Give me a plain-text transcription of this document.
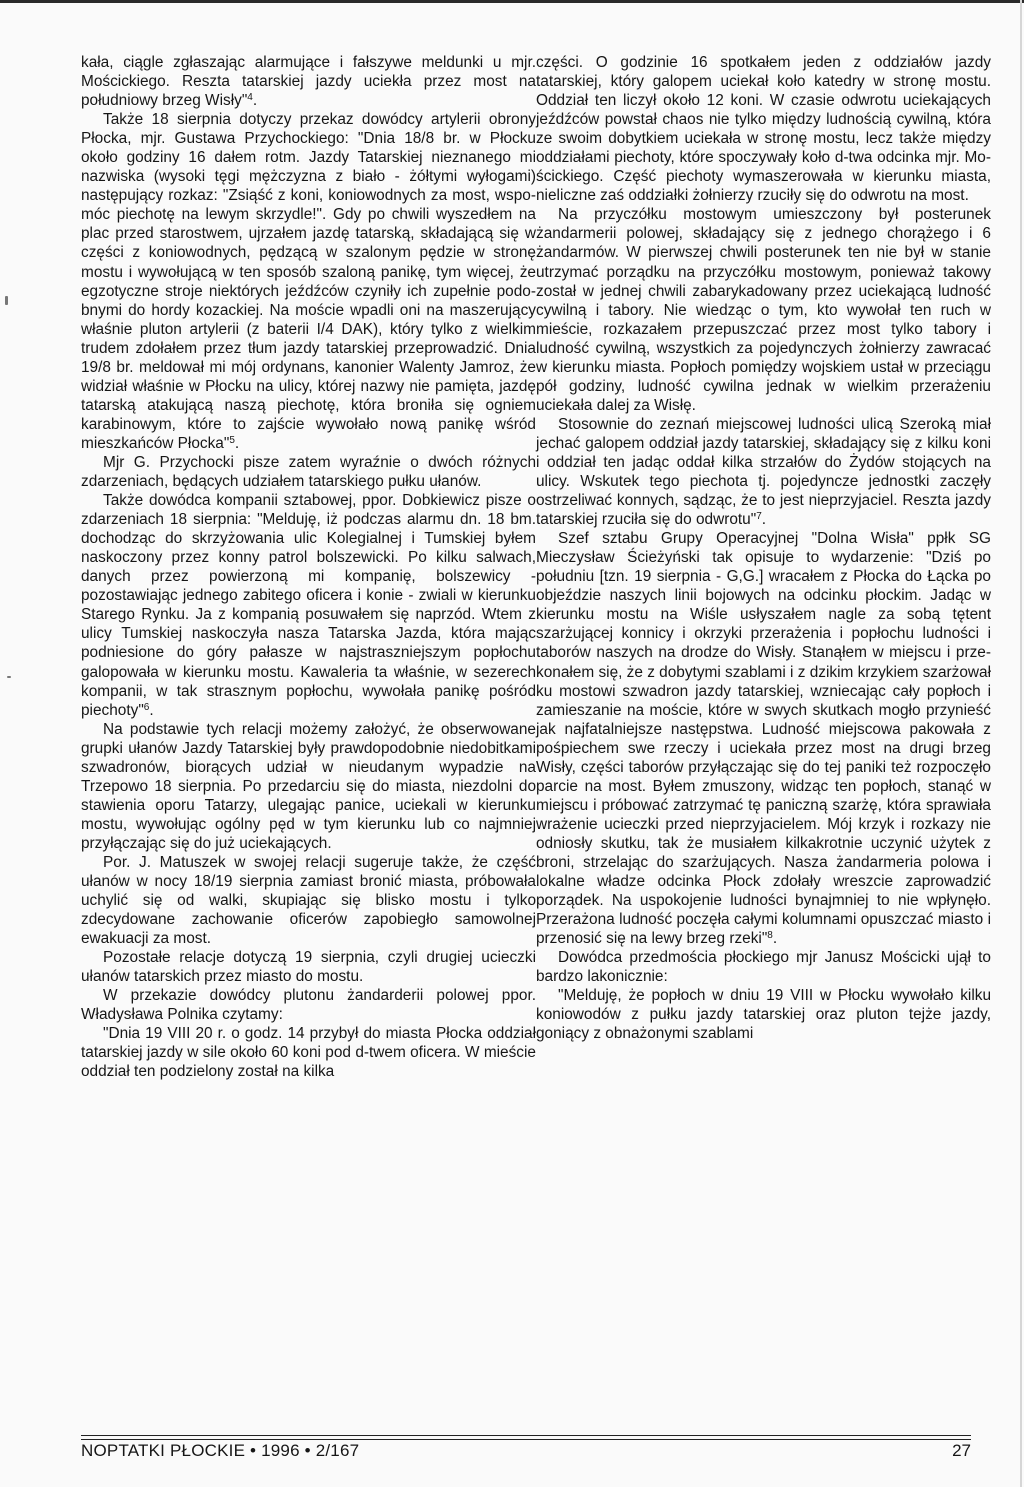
kała, ciągle zgłaszając alarmujące i fałszywe meldunki u mjr. Mościckiego. Reszta tatarskiej jazdy uciekła przez most na południowy brzeg Wisły"$^4$.

Także 18 sierpnia dotyczy przekaz dowódcy artylerii obrony Płocka, mjr. Gustawa Przychockiego: "Dnia 18/8 br. w Płocku około godziny 16 dałem rotm. Jazdy Tatarskiej nieznanego mi nazwiska (wysoki tęgi mężczyzna z biało - żółtymi wyłogami) następujący rozkaz: "Zsiąść z koni, koniowodnych za most, wspomóc piechotę na lewym skrzydle!". Gdy po chwili wyszedłem na plac przed starostwem, ujrzałem jazdę tatarską, składającą się w części z koniowodnych, pędzącą w szalonym pędzie w stronę mostu i wywołującą w ten sposób szaloną panikę, tym więcej, że egzotyczne stroje niektórych jeźdźców czyniły ich zupełnie podobnymi do hordy kozackiej. Na moście wpadli oni na maszerujący właśnie pluton artylerii (z baterii I/4 DAK), który tylko z wielkim trudem zdołałem przez tłum jazdy tatarskiej przeprowadzić. Dnia 19/8 br. meldował mi mój ordynans, kanonier Walenty Jamroz, że widział właśnie w Płocku na ulicy, której nazwy nie pamięta, jazdę tatarską atakującą naszą piechotę, która broniła się ogniem karabinowym, które to zajście wywołało nową panikę wśród mieszkańców Płocka"$^5$.

Mjr G. Przychocki pisze zatem wyraźnie o dwóch różnych zdarzeniach, będących udziałem tatarskiego pułku ułanów.

Także dowódca kompanii sztabowej, ppor. Dobkiewicz pisze o zdarzeniach 18 sierpnia: "Melduję, iż podczas alarmu dn. 18 bm. dochodząc do skrzyżowania ulic Kolegialnej i Tumskiej byłem naskoczony przez konny patrol bolszewicki. Po kilku salwach, danych przez powierzoną mi kompanię, bolszewicy - pozostawiając jednego zabitego oficera i konie - zwiali w kierunku Starego Rynku. Ja z kompanią posuwałem się naprzód. Wtem z ulicy Tumskiej naskoczyła nasza Tatarska Jazda, która mając podniesione do góry pałasze w najstraszniejszym popłochu galopowała w kierunku mostu. Kawaleria ta właśnie, w sezerech kompanii, w tak strasznym popłochu, wywołała panikę pośród piechoty"$^6$.

Na podstawie tych relacji możemy założyć, że obserwowane grupki ułanów Jazdy Tatarskiej były prawdopodobnie niedobitkami szwadronów, biorących udział w nieudanym wypadzie na Trzepowo 18 sierpnia. Po przedarciu się do miasta, niezdolni do stawienia oporu Tatarzy, ulegając panice, uciekali w kierunku mostu, wywołując ogólny pęd w tym kierunku lub co najmniej przyłączając się do już uciekających.

Por. J. Matuszek w swojej relacji sugeruje także, że część ułanów w nocy 18/19 sierpnia zamiast bronić miasta, próbowała uchylić się od walki, skupiając się blisko mostu i tylko zdecydowane zachowanie oficerów zapobiegło samowolnej ewakuacji za most.

Pozostałe relacje dotyczą 19 sierpnia, czyli drugiej ucieczki ułanów tatarskich przez miasto do mostu.

W przekazie dowódcy plutonu żandarderii polowej ppor. Władysława Polnika czytamy:

"Dnia 19 VIII 20 r. o godz. 14 przybył do miasta Płocka oddział tatarskiej jazdy w sile około 60 koni pod d-twem oficera. W mieście oddział ten podzielony został na kilka

części. O godzinie 16 spotkałem jeden z oddziałów jazdy tatarskiej, który galopem uciekał koło katedry w stronę mostu. Oddział ten liczył około 12 koni. W czasie odwrotu uciekających jeźdźców powstał chaos nie tylko między ludnością cywilną, która ze swoim dobytkiem uciekała w stronę mostu, lecz także między oddziałami piechoty, które spoczywały koło d-twa odcinka mjr. Mościckiego. Część piechoty wymaszerowała w kierunku miasta, nieliczne zaś oddziałki żołnierzy rzuciły się do odwrotu na most.

Na przyczółku mostowym umieszczony był posterunek żandarmerii polowej, składający się z jednego chorążego i 6 żandarmów. W pierwszej chwili posterunek ten nie był w stanie utrzymać porządku na przyczółku mostowym, ponieważ takowy został w jednej chwili zabarykadowany przez uciekającą ludność cywilną i tabory. Nie wiedząc o tym, kto wywołał ten ruch w mieście, rozkazałem przepuszczać przez most tylko tabory i ludność cywilną, wszystkich za pojedynczych żołnierzy zawracać w kierunku miasta. Popłoch pomiędzy wojskiem ustał w przeciągu pół godziny, ludność cywilna jednak w wielkim przerażeniu uciekała dalej za Wisłę.

Stosownie do zeznań miejscowej ludności ulicą Szeroką miał jechać galopem oddział jazdy tatarskiej, składający się z kilku koni i oddział ten jadąc oddał kilka strzałów do Żydów stojących na ulicy. Wskutek tego piechota tj. pojedyncze jednostki zaczęły ostrzeliwać konnych, sądząc, że to jest nieprzyjaciel. Reszta jazdy tatarskiej rzuciła się do odwrotu"$^7$.

Szef sztabu Grupy Operacyjnej "Dolna Wisła" ppłk SG Mieczysław Ścieżyński tak opisuje to wydarzenie: "Dziś po południu [tzn. 19 sierpnia - G,G.] wracałem z Płocka do Łącka po objeździe naszych linii bojowych na odcinku płockim. Jadąc w kierunku mostu na Wiśle usłyszałem nagle za sobą tętent szarżującej konnicy i okrzyki przerażenia i popłochu ludności i taborów naszych na drodze do Wisły. Stanąłem w miejscu i przekonałem się, że z dobytymi szablami i z dzikim krzykiem szarżował ku mostowi szwadron jazdy tatarskiej, wzniecając cały popłoch i zamieszanie na moście, które w swych skutkach mogło przynieść jak najfatalniejsze następstwa. Ludność miejscowa pakowała z pośpiechem swe rzeczy i uciekała przez most na drugi brzeg Wisły, części taborów przyłączając się do tej paniki też rozpoczęło parcie na most. Byłem zmuszony, widząc ten popłoch, stanąć w miejscu i próbować zatrzymać tę paniczną szarżę, która sprawiała wrażenie ucieczki przed nieprzyjacielem. Mój krzyk i rozkazy nie odniosły skutku, tak że musiałem kilkakrotnie uczynić użytek z broni, strzelając do szarżujących. Nasza żandarmeria polowa i lokalne władze odcinka Płock zdołały wreszcie zaprowadzić porządek. Na uspokojenie ludności bynajmniej to nie wpłynęło. Przerażona ludność poczęła całymi kolumnami opuszczać miasto i przenosić się na lewy brzeg rzeki"$^8$.

Dowódca przedmościa płockiego mjr Janusz Mościcki ujął to bardzo lakonicznie:

"Melduję, że popłoch w dniu 19 VIII w Płocku wywołało kilku koniowodów z pułku jazdy tatarskiej oraz pluton tejże jazdy, goniący z obnażonymi szablami

NOPTATKI PŁOCKIE • 1996 • 2/167	27
